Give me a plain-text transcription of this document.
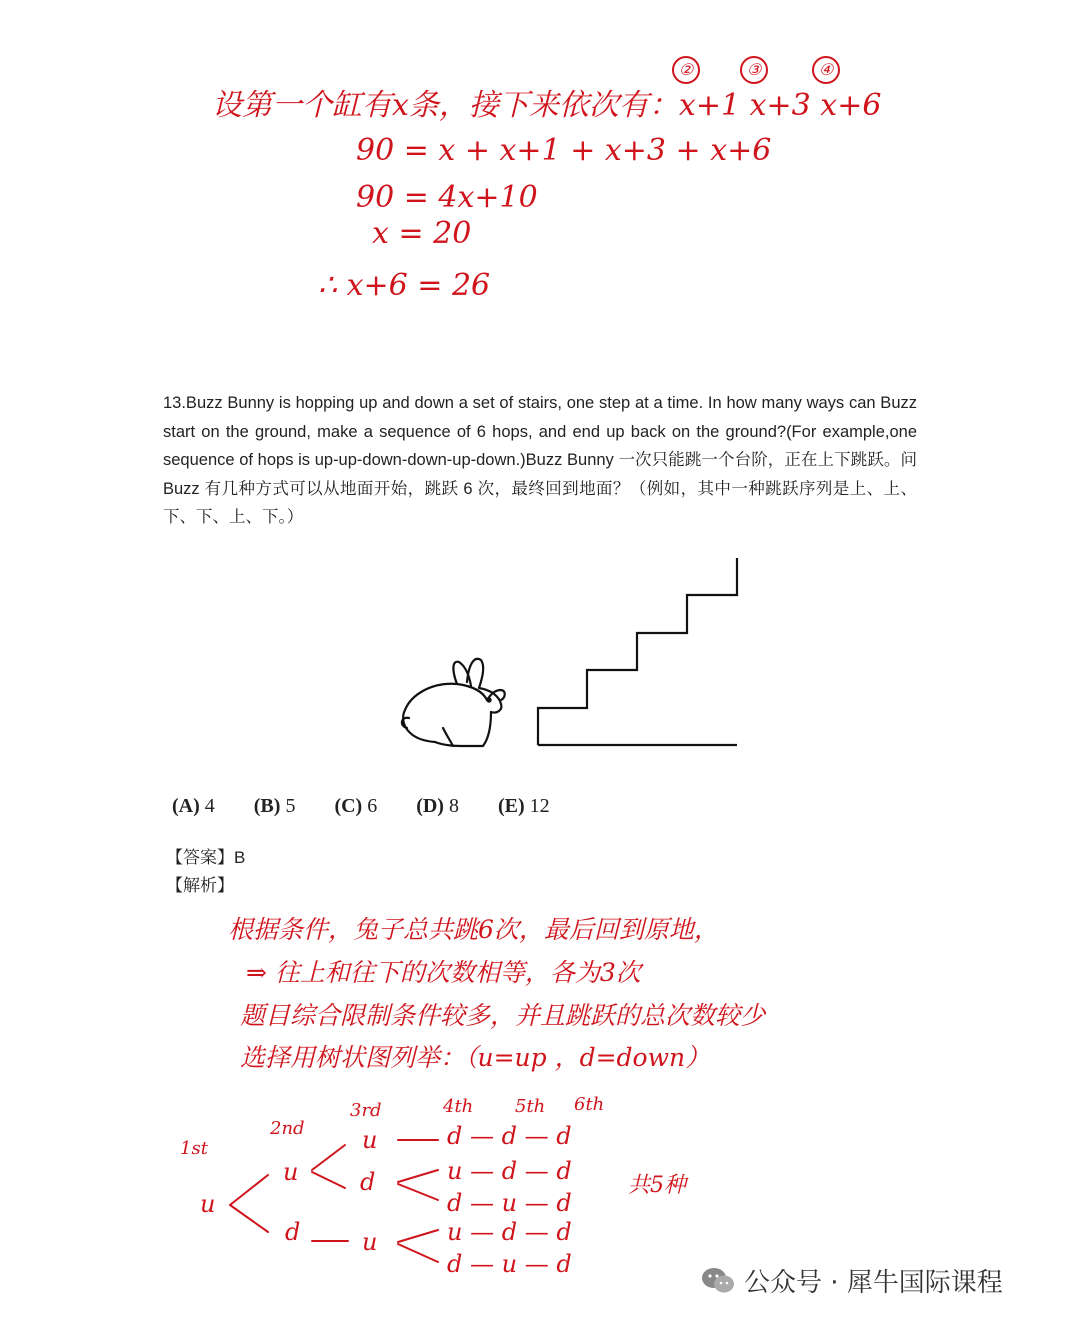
设第一个缸有x条，接下来依次有：x+1 x+3 x+6
②	③	④
90 = x + x+1 + x+3 + x+6
90 = 4x+10
x = 20
∴ x+6 = 26
13.Buzz Bunny is hopping up and down a set of stairs, one step at a time. In how many ways can Buzz start on the ground, make a sequence of 6 hops, and end up back on the ground?(For example,one sequence of hops is up-up-down-down-up-down.)Buzz Bunny 一次只能跳一个台阶，正在上下跳跃。问 Buzz 有几种方式可以从地面开始，跳跃 6 次，最终回到地面？（例如，其中一种跳跃序列是上、上、下、下、上、下。）
(A) 4 (B) 5 (C) 6 (D) 8 (E) 12
【答案】B
【解析】
根据条件，兔子总共跳6次，最后回到原地，
⇒ 往上和往下的次数相等，各为3次
题目综合限制条件较多，并且跳跃的总次数较少
选择用树状图列举：（u=up ，d=down）
1st
2nd
3rd	4th 5th 6th
u
u
d
u
d
u
d — d — d
u — d — d
d — u — d
u — d — d
d — u — d
共5种
公众号 · 犀牛国际课程
